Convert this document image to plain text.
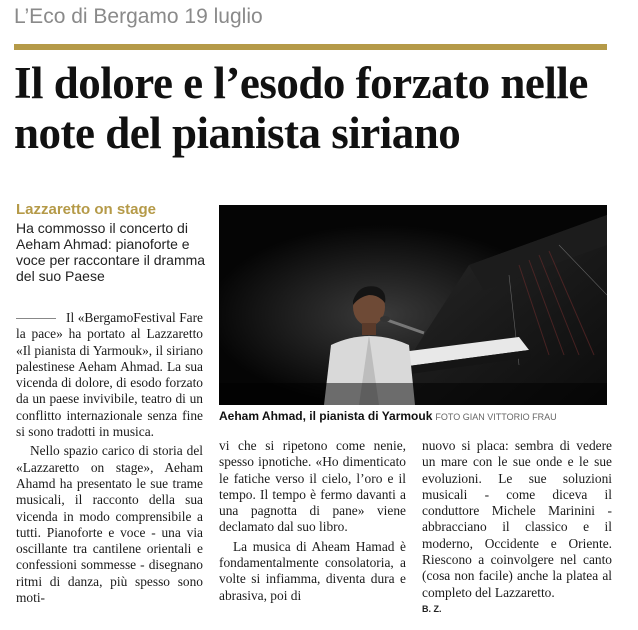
L’Eco di Bergamo 19 luglio
Il dolore e l’esodo forzato nelle note del pianista siriano
Lazzaretto on stage
Ha commosso il concerto di Aeham Ahmad: pianoforte e voce per raccontare il dramma del suo Paese
Aeham Ahmad, il pianista di Yarmouk FOTO GIAN VITTORIO FRAU

Il «BergamoFestival Fare la pace» ha portato al Lazzaretto «Il pianista di Yarmouk», il siriano palestinese Aeham Ahmad. La sua vicenda di dolore, di esodo forzato da un paese invivibile, teatro di un conflitto internazionale senza fine si sono tradotti in musica.

Nello spazio carico di storia del «Lazzaretto on stage», Aeham Ahamd ha presentato le sue trame musicali, il racconto della sua vicenda in modo comprensibile a tutti. Pianoforte e voce - una via oscillante tra cantilene orientali e confessioni sommesse - disegnano ritmi di danza, più spesso sono moti-

vi che si ripetono come nenie, spesso ipnotiche. «Ho dimenticato le fatiche verso il cielo, l’oro e il tempo. Il tempo è fermo davanti a una pagnotta di pane» viene declamato dal suo libro.

La musica di Aheam Hamad è fondamentalmente consolatoria, a volte si infiamma, diventa dura e abrasiva, poi di

nuovo si placa: sembra di vedere un mare con le sue onde e le sue evoluzioni. Le sue soluzioni musicali - come diceva il conduttore Michele Marinini - abbracciano il classico e il moderno, Occidente e Oriente. Riescono a coinvolgere nel canto (cosa non facile) anche la platea al completo del Lazzaretto.

B. Z.
